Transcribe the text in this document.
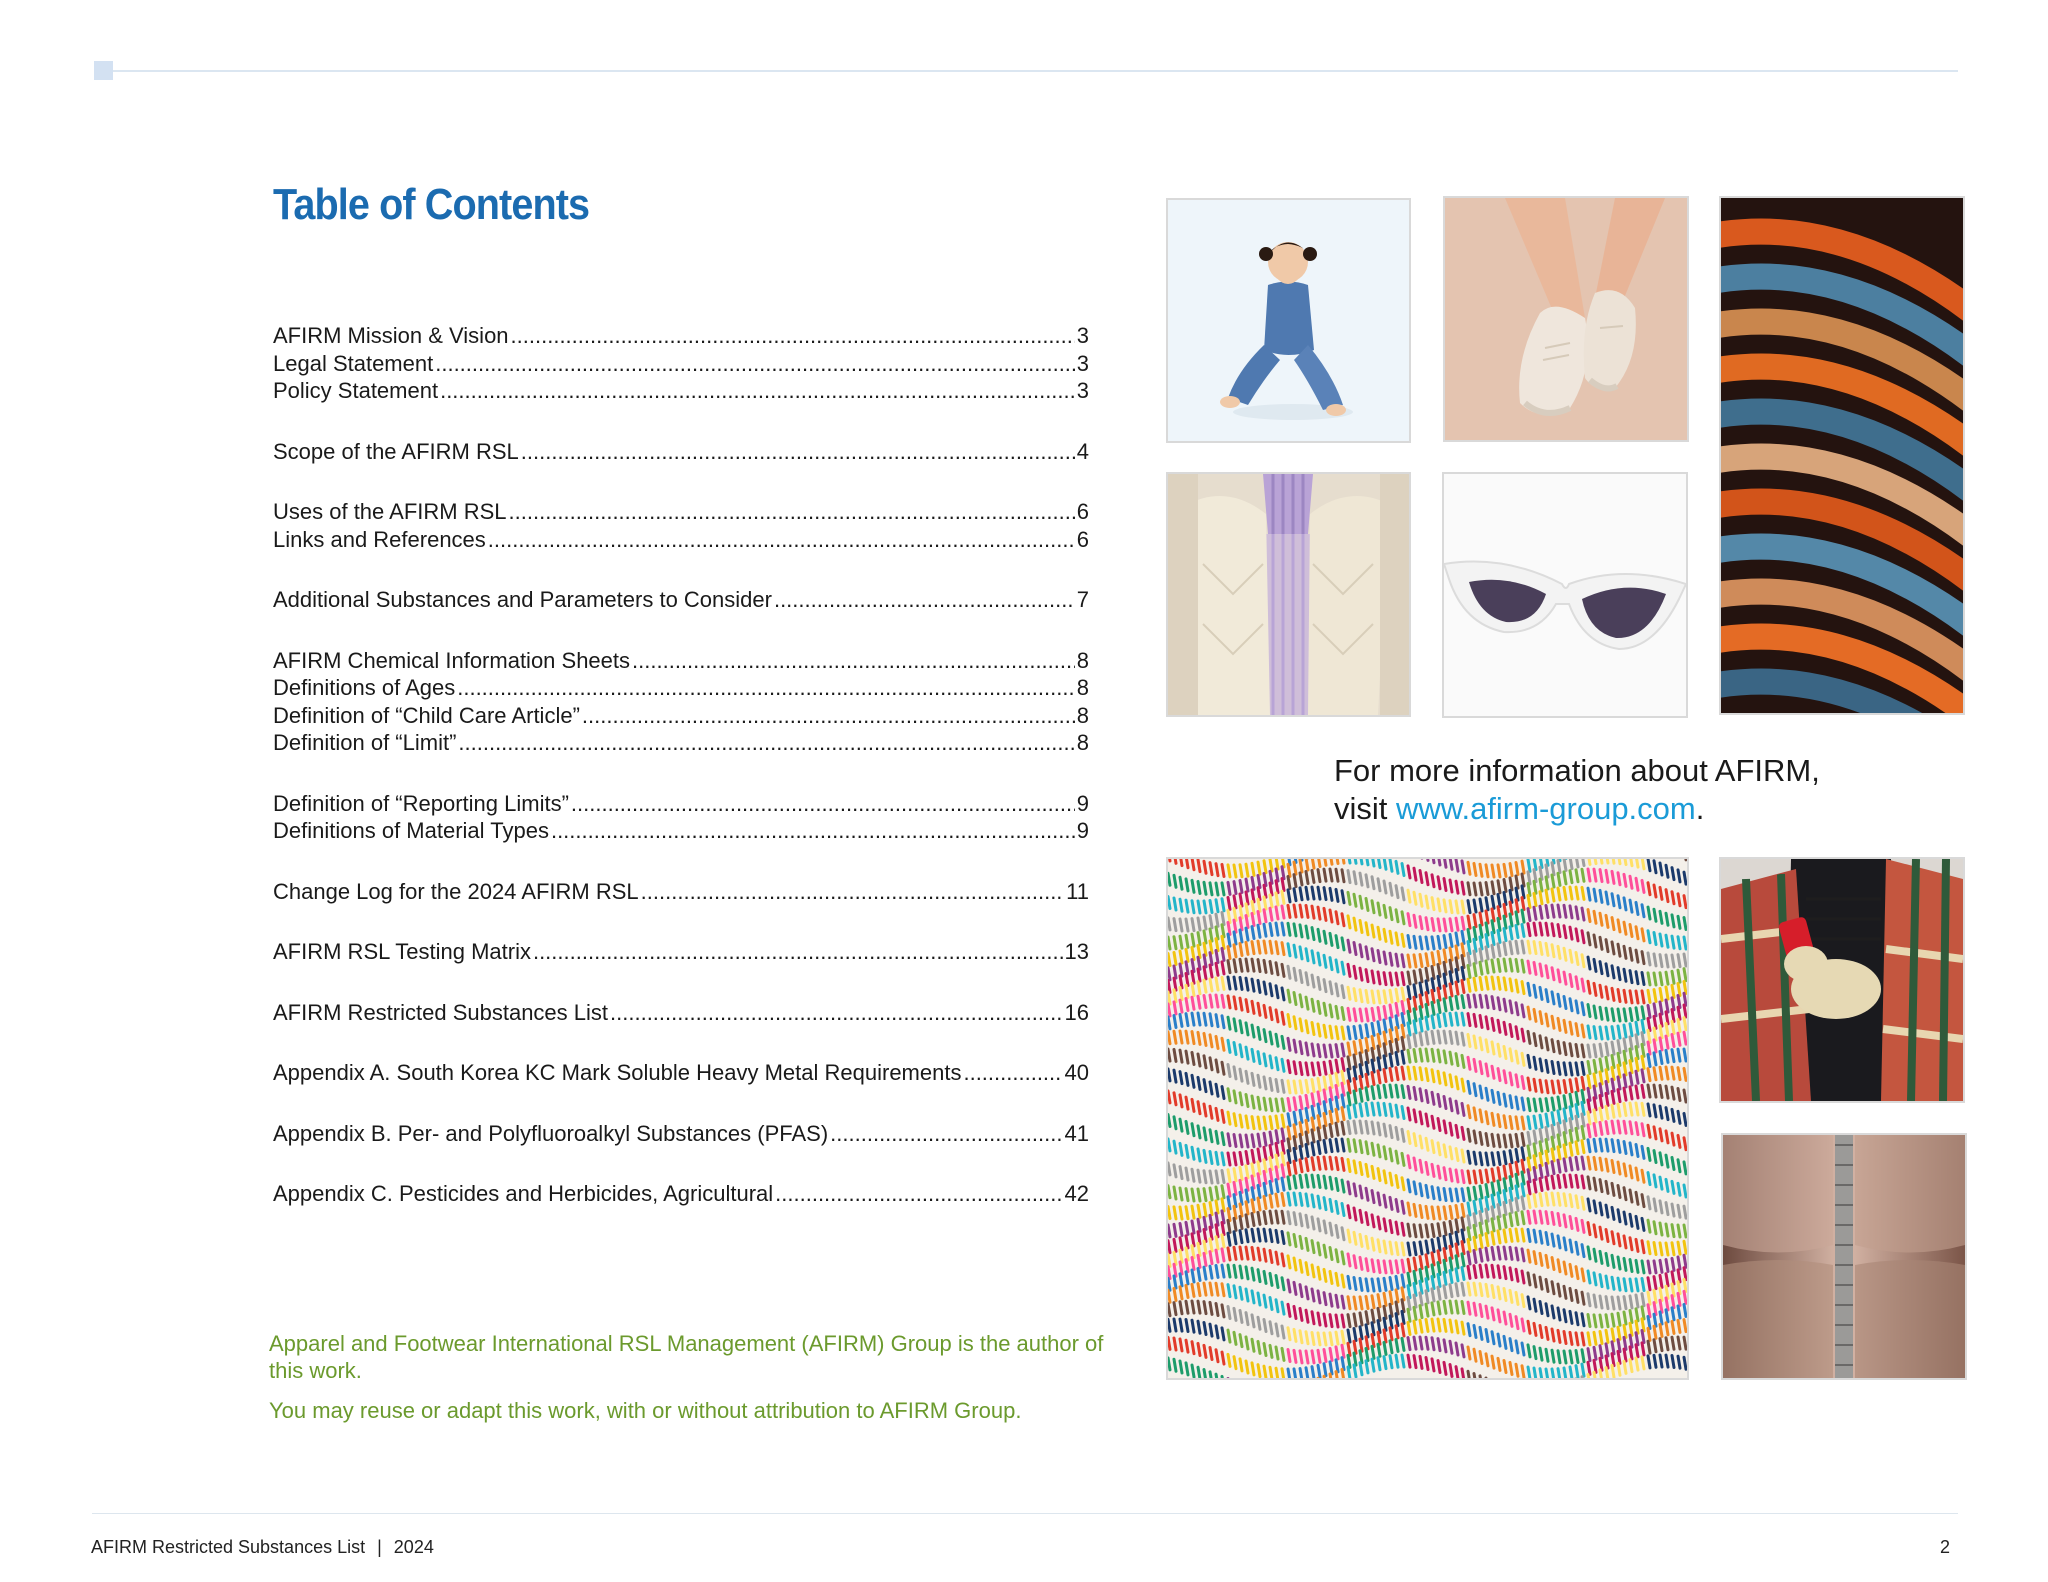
Table of Contents
AFIRM Mission & Vision .....	3
Legal Statement .....	3
Policy Statement .....	3
Scope of the AFIRM RSL .....	4
Uses of the AFIRM RSL .....	6
Links and References .....	6
Additional Substances and Parameters to Consider .....	7
AFIRM Chemical Information Sheets .....	8
Definitions of Ages .....	8
Definition of “Child Care Article” .....	8
Definition of “Limit” .....	8
Definition of “Reporting Limits” .....	9
Definitions of Material Types .....	9
Change Log for the 2024 AFIRM RSL .....	11
AFIRM RSL Testing Matrix .....	13
AFIRM Restricted Substances List .....	16
Appendix A. South Korea KC Mark Soluble Heavy Metal Requirements .....	40
Appendix B. Per- and Polyfluoroalkyl Substances (PFAS) .....	41
Appendix C. Pesticides and Herbicides, Agricultural .....	42

Apparel and Footwear International RSL Management (AFIRM) Group is the author of this work.

You may reuse or adapt this work, with or without attribution to AFIRM Group.

For more information about AFIRM,
visit www.afirm-group.com.

AFIRM Restricted Substances List | 2024	2
